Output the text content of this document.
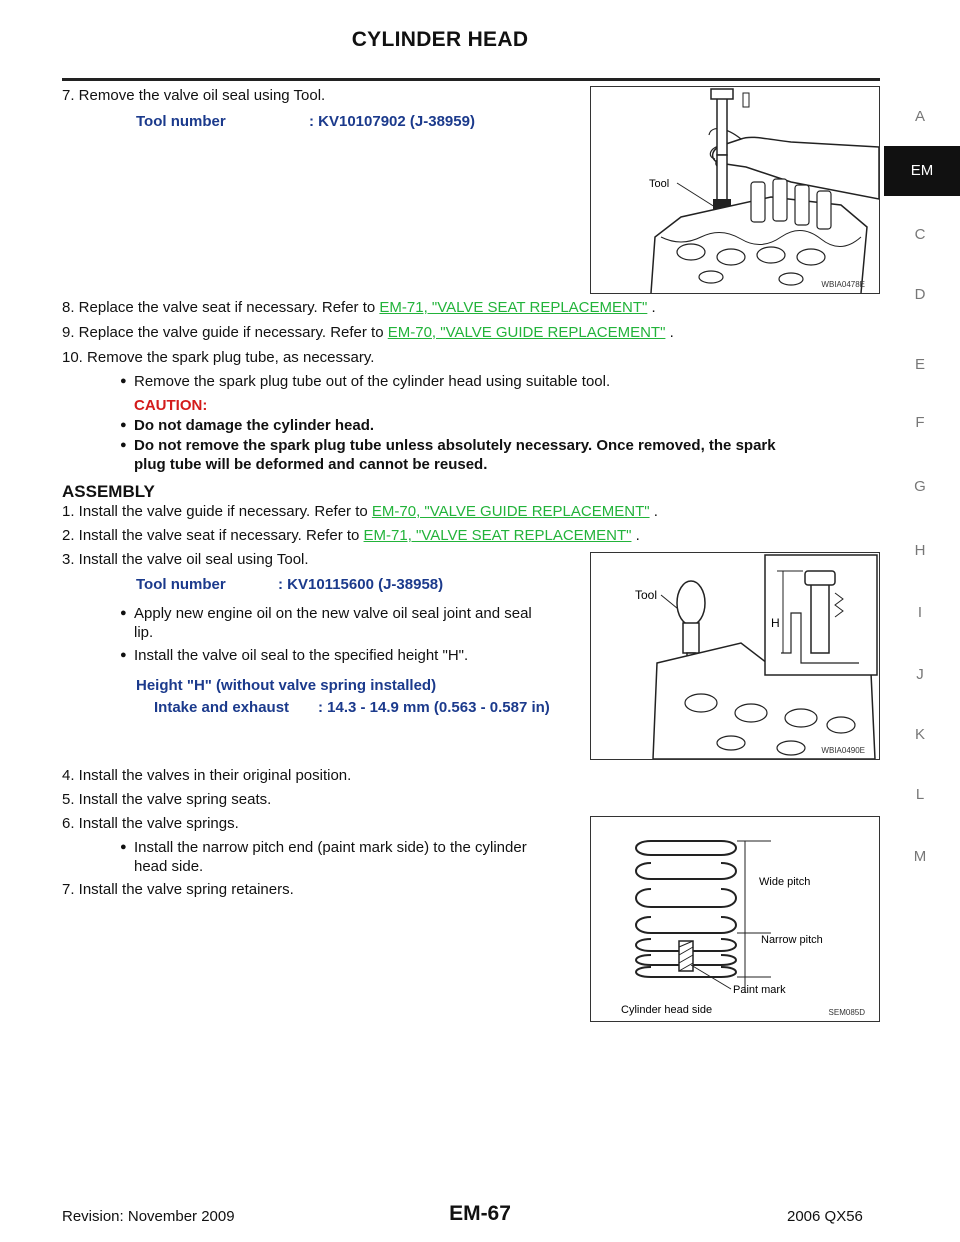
CYLINDER HEAD
7. Remove the valve oil seal using Tool.
Tool number	: KV10107902 (J-38959)
Tool
WBIA0478E
8. Replace the valve seat if necessary. Refer to EM-71, "VALVE SEAT REPLACEMENT" .
9. Replace the valve guide if necessary. Refer to EM-70, "VALVE GUIDE REPLACEMENT" .
10. Remove the spark plug tube, as necessary.
● Remove the spark plug tube out of the cylinder head using suitable tool.
CAUTION:
● Do not damage the cylinder head.
● Do not remove the spark plug tube unless absolutely necessary. Once removed, the spark
plug tube will be deformed and cannot be reused.
ASSEMBLY
1. Install the valve guide if necessary. Refer to EM-70, "VALVE GUIDE REPLACEMENT" .
2. Install the valve seat if necessary. Refer to EM-71, "VALVE SEAT REPLACEMENT" .
3. Install the valve oil seal using Tool.
Tool number	: KV10115600 (J-38958)
● Apply new engine oil on the new valve oil seal joint and seal
lip.
● Install the valve oil seal to the specified height "H".
Height "H" (without valve spring installed)
Intake and exhaust : 14.3 - 14.9 mm (0.563 - 0.587 in)
Tool
H
WBIA0490E
4. Install the valves in their original position.
5. Install the valve spring seats.
6. Install the valve springs.
● Install the narrow pitch end (paint mark side) to the cylinder
head side.
7. Install the valve spring retainers.	Wide pitch
Narrow pitch
Paint mark
Cylinder head side	SEM085D
A
EM
C
D
E
F
G
H
I
J
K
L
M
Revision: November 2009	EM-67	2006 QX56
